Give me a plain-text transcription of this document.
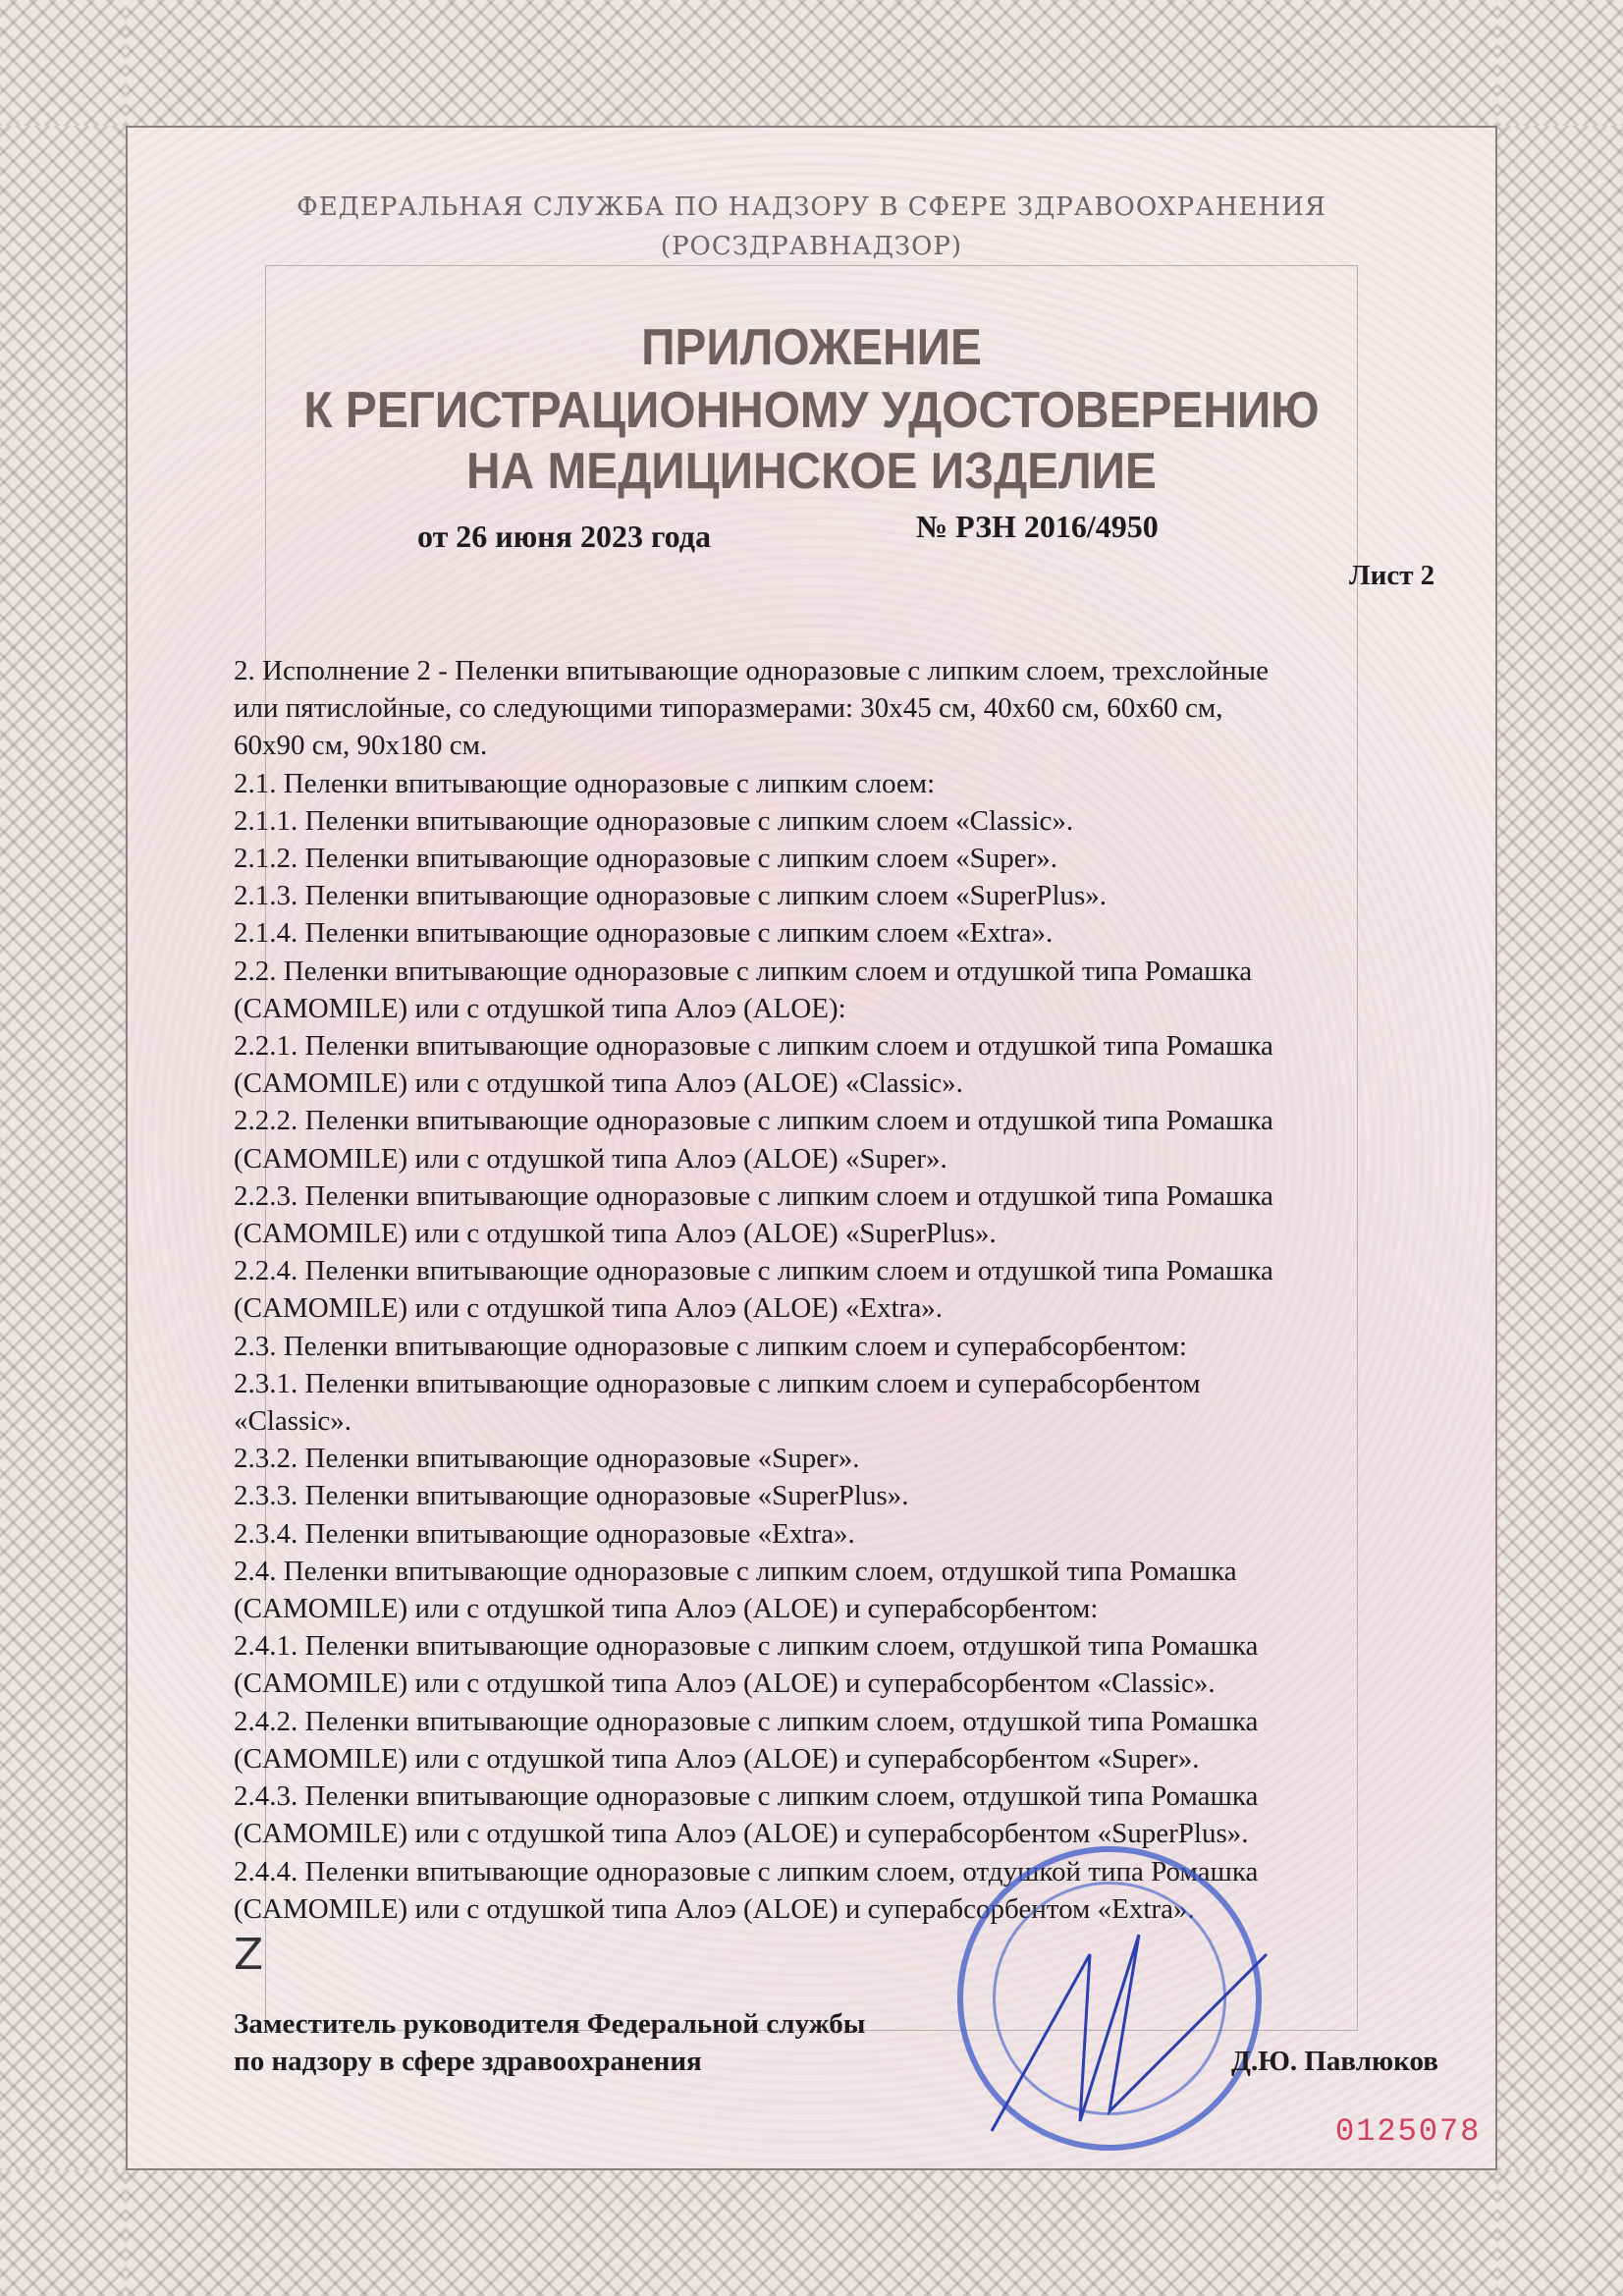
ФЕДЕРАЛЬНАЯ СЛУЖБА ПО НАДЗОРУ В СФЕРЕ ЗДРАВООХРАНЕНИЯ
(РОСЗДРАВНАДЗОР)
ПРИЛОЖЕНИЕ
К РЕГИСТРАЦИОННОМУ УДОСТОВЕРЕНИЮ
НА МЕДИЦИНСКОЕ ИЗДЕЛИЕ
от 26 июня 2023 года	№ РЗН 2016/4950
Лист 2
2. Исполнение 2 - Пеленки впитывающие одноразовые с липким слоем, трехслойные
или пятислойные, со следующими типоразмерами: 30х45 см, 40х60 см, 60х60 см,
60х90 см, 90х180 см.
2.1. Пеленки впитывающие одноразовые с липким слоем:
2.1.1. Пеленки впитывающие одноразовые с липким слоем «Classic».
2.1.2. Пеленки впитывающие одноразовые с липким слоем «Super».
2.1.3. Пеленки впитывающие одноразовые с липким слоем «SuperPlus».
2.1.4. Пеленки впитывающие одноразовые с липким слоем «Extra».
2.2. Пеленки впитывающие одноразовые с липким слоем и отдушкой типа Ромашка
(CAMOMILE) или с отдушкой типа Алоэ (ALOE):
2.2.1. Пеленки впитывающие одноразовые с липким слоем и отдушкой типа Ромашка
(CAMOMILE) или с отдушкой типа Алоэ (ALOE) «Classic».
2.2.2. Пеленки впитывающие одноразовые с липким слоем и отдушкой типа Ромашка
(CAMOMILE) или с отдушкой типа Алоэ (ALOE) «Super».
2.2.3. Пеленки впитывающие одноразовые с липким слоем и отдушкой типа Ромашка
(CAMOMILE) или с отдушкой типа Алоэ (ALOE) «SuperPlus».
2.2.4. Пеленки впитывающие одноразовые с липким слоем и отдушкой типа Ромашка
(CAMOMILE) или с отдушкой типа Алоэ (ALOE) «Extra».
2.3. Пеленки впитывающие одноразовые с липким слоем и суперабсорбентом:
2.3.1. Пеленки впитывающие одноразовые с липким слоем и суперабсорбентом
«Classic».
2.3.2. Пеленки впитывающие одноразовые «Super».
2.3.3. Пеленки впитывающие одноразовые «SuperPlus».
2.3.4. Пеленки впитывающие одноразовые «Extra».
2.4. Пеленки впитывающие одноразовые с липким слоем, отдушкой типа Ромашка
(CAMOMILE) или с отдушкой типа Алоэ (ALOE) и суперабсорбентом:
2.4.1. Пеленки впитывающие одноразовые с липким слоем, отдушкой типа Ромашка
(CAMOMILE) или с отдушкой типа Алоэ (ALOE) и суперабсорбентом «Classic».
2.4.2. Пеленки впитывающие одноразовые с липким слоем, отдушкой типа Ромашка
(CAMOMILE) или с отдушкой типа Алоэ (ALOE) и суперабсорбентом «Super».
2.4.3. Пеленки впитывающие одноразовые с липким слоем, отдушкой типа Ромашка
(CAMOMILE) или с отдушкой типа Алоэ (ALOE) и суперабсорбентом «SuperPlus».
2.4.4. Пеленки впитывающие одноразовые с липким слоем, отдушкой типа Ромашка
(CAMOMILE) или с отдушкой типа Алоэ (ALOE) и суперабсорбентом «Extra».
Z
Заместитель руководителя Федеральной службы
по надзору в сфере здравоохранения	Д.Ю. Павлюков
0125078
